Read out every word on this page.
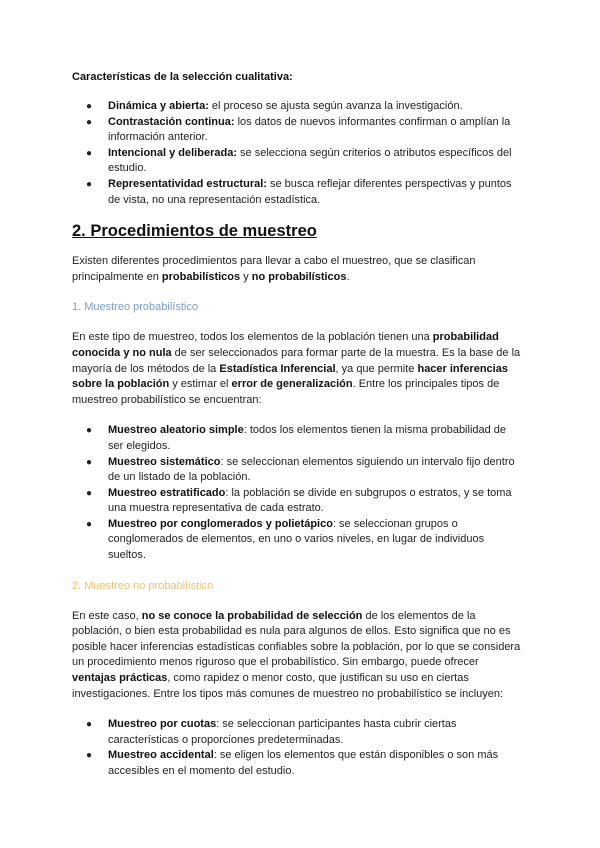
Características de la selección cualitativa:

● Dinámica y abierta: el proceso se ajusta según avanza la investigación.
● Contrastación continua: los datos de nuevos informantes confirman o amplían la información anterior.
● Intencional y deliberada: se selecciona según criterios o atributos específicos del estudio.
● Representatividad estructural: se busca reflejar diferentes perspectivas y puntos de vista, no una representación estadística.
2. Procedimientos de muestreo

Existen diferentes procedimientos para llevar a cabo el muestreo, que se clasifican principalmente en probabilísticos y no probabilísticos.

1. Muestreo probabilístico

En este tipo de muestreo, todos los elementos de la población tienen una probabilidad conocida y no nula de ser seleccionados para formar parte de la muestra. Es la base de la mayoría de los métodos de la Estadística Inferencial, ya que permite hacer inferencias sobre la población y estimar el error de generalización. Entre los principales tipos de muestreo probabilístico se encuentran:

● Muestreo aleatorio simple: todos los elementos tienen la misma probabilidad de ser elegidos.
● Muestreo sistemático: se seleccionan elementos siguiendo un intervalo fijo dentro de un listado de la población.
● Muestreo estratificado: la población se divide en subgrupos o estratos, y se toma una muestra representativa de cada estrato.
● Muestreo por conglomerados y polietápico: se seleccionan grupos o conglomerados de elementos, en uno o varios niveles, en lugar de individuos sueltos.
2. Muestreo no probabilístico

En este caso, no se conoce la probabilidad de selección de los elementos de la población, o bien esta probabilidad es nula para algunos de ellos. Esto significa que no es posible hacer inferencias estadísticas confiables sobre la población, por lo que se considera un procedimiento menos riguroso que el probabilístico. Sin embargo, puede ofrecer ventajas prácticas, como rapidez o menor costo, que justifican su uso en ciertas investigaciones. Entre los tipos más comunes de muestreo no probabilístico se incluyen:

● Muestreo por cuotas: se seleccionan participantes hasta cubrir ciertas características o proporciones predeterminadas.
● Muestreo accidental: se eligen los elementos que están disponibles o son más accesibles en el momento del estudio.
